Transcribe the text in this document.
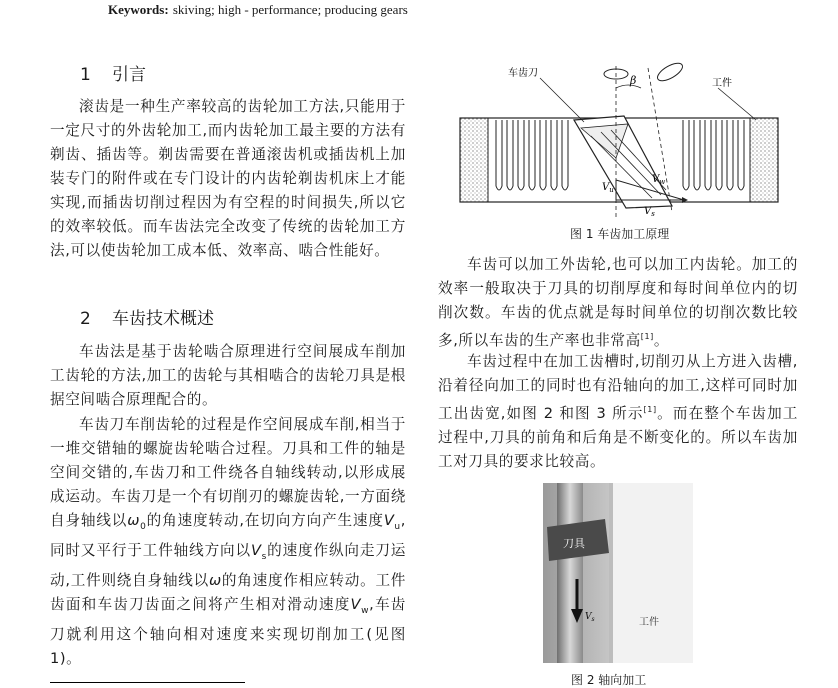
Keywords: skiving; high - performance; producing gears
1 引言
滚齿是一种生产率较高的齿轮加工方法,只能用于一定尺寸的外齿轮加工,而内齿轮加工最主要的方法有剃齿、插齿等。剃齿需要在普通滚齿机或插齿机上加装专门的附件或在专门设计的内齿轮剃齿机床上才能实现,而插齿切削过程因为有空程的时间损失,所以它的效率较低。而车齿法完全改变了传统的齿轮加工方法,可以使齿轮加工成本低、效率高、啮合性能好。
2 车齿技术概述
车齿法是基于齿轮啮合原理进行空间展成车削加工齿轮的方法,加工的齿轮与其相啮合的齿轮刀具是根据空间啮合原理配合的。
车齿刀车削齿轮的过程是作空间展成车削,相当于一堆交错轴的螺旋齿轮啮合过程。刀具和工件的轴是空间交错的,车齿刀和工件绕各自轴线转动,以形成展成运动。车齿刀是一个有切削刃的螺旋齿轮,一方面绕自身轴线以$\omega_0$的角速度转动,在切向方向产生速度$V_u$,同时又平行于工件轴线方向以$V_s$的速度作纵向走刀运动,工件则绕自身轴线以ω的角速度作相应转动。工件齿面和车齿刀齿面之间将产生相对滑动速度$V_w$,车齿刀就利用这个轴向相对速度来实现切削加工(见图 1)。
车齿刀
工件
β
$V_u$
$V_s$
$V_w$
图 1 车齿加工原理
车齿可以加工外齿轮,也可以加工内齿轮。加工的效率一般取决于刀具的切削厚度和每时间单位内的切削次数。车齿的优点就是每时间单位的切削次数比较多,所以车齿的生产率也非常高[1]。
车齿过程中在加工齿槽时,切削刃从上方进入齿槽,沿着径向加工的同时也有沿轴向的加工,这样可同时加工出齿宽,如图 2 和图 3 所示[1]。而在整个车齿加工过程中,刀具的前角和后角是不断变化的。所以车齿加工对刀具的要求比较高。
刀具
工件
$V_s$
图 2 轴向加工
